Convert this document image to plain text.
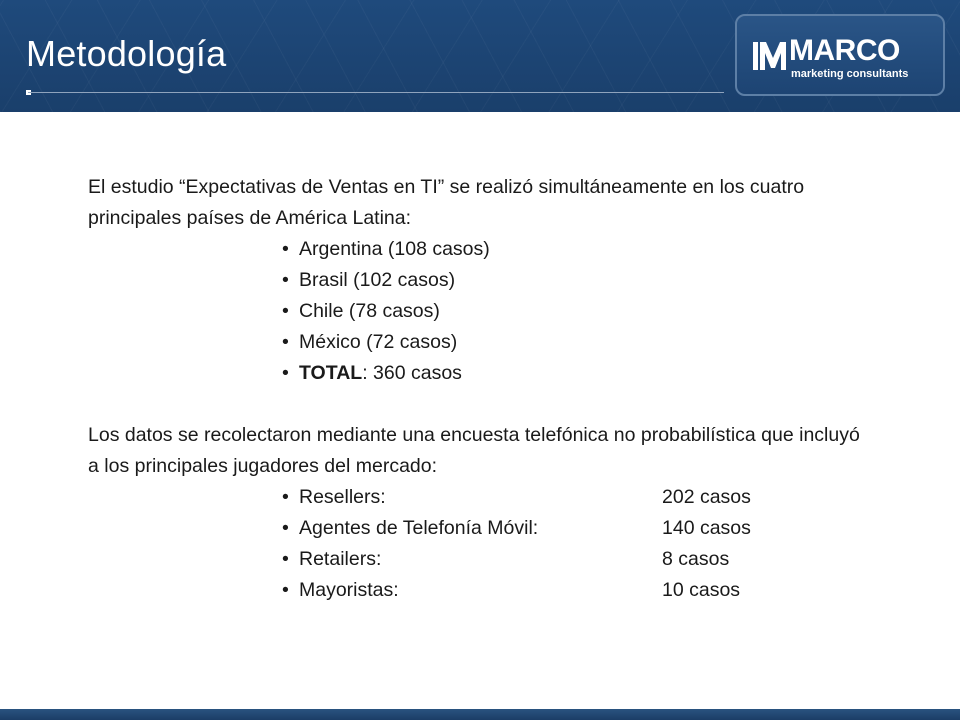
Metodología	MARCO
marketing consultants

El estudio “Expectativas de Ventas en TI” se realizó simultáneamente en los cuatro principales países de América Latina:

• Argentina (108 casos)
• Brasil (102 casos)
• Chile (78 casos)
• México (72 casos)
• TOTAL: 360 casos

Los datos se recolectaron mediante una encuesta telefónica no probabilística que incluyó a los principales jugadores del mercado:

• Resellers:	202 casos
• Agentes de Telefonía Móvil:	140 casos
• Retailers:	8 casos
• Mayoristas:	10 casos
